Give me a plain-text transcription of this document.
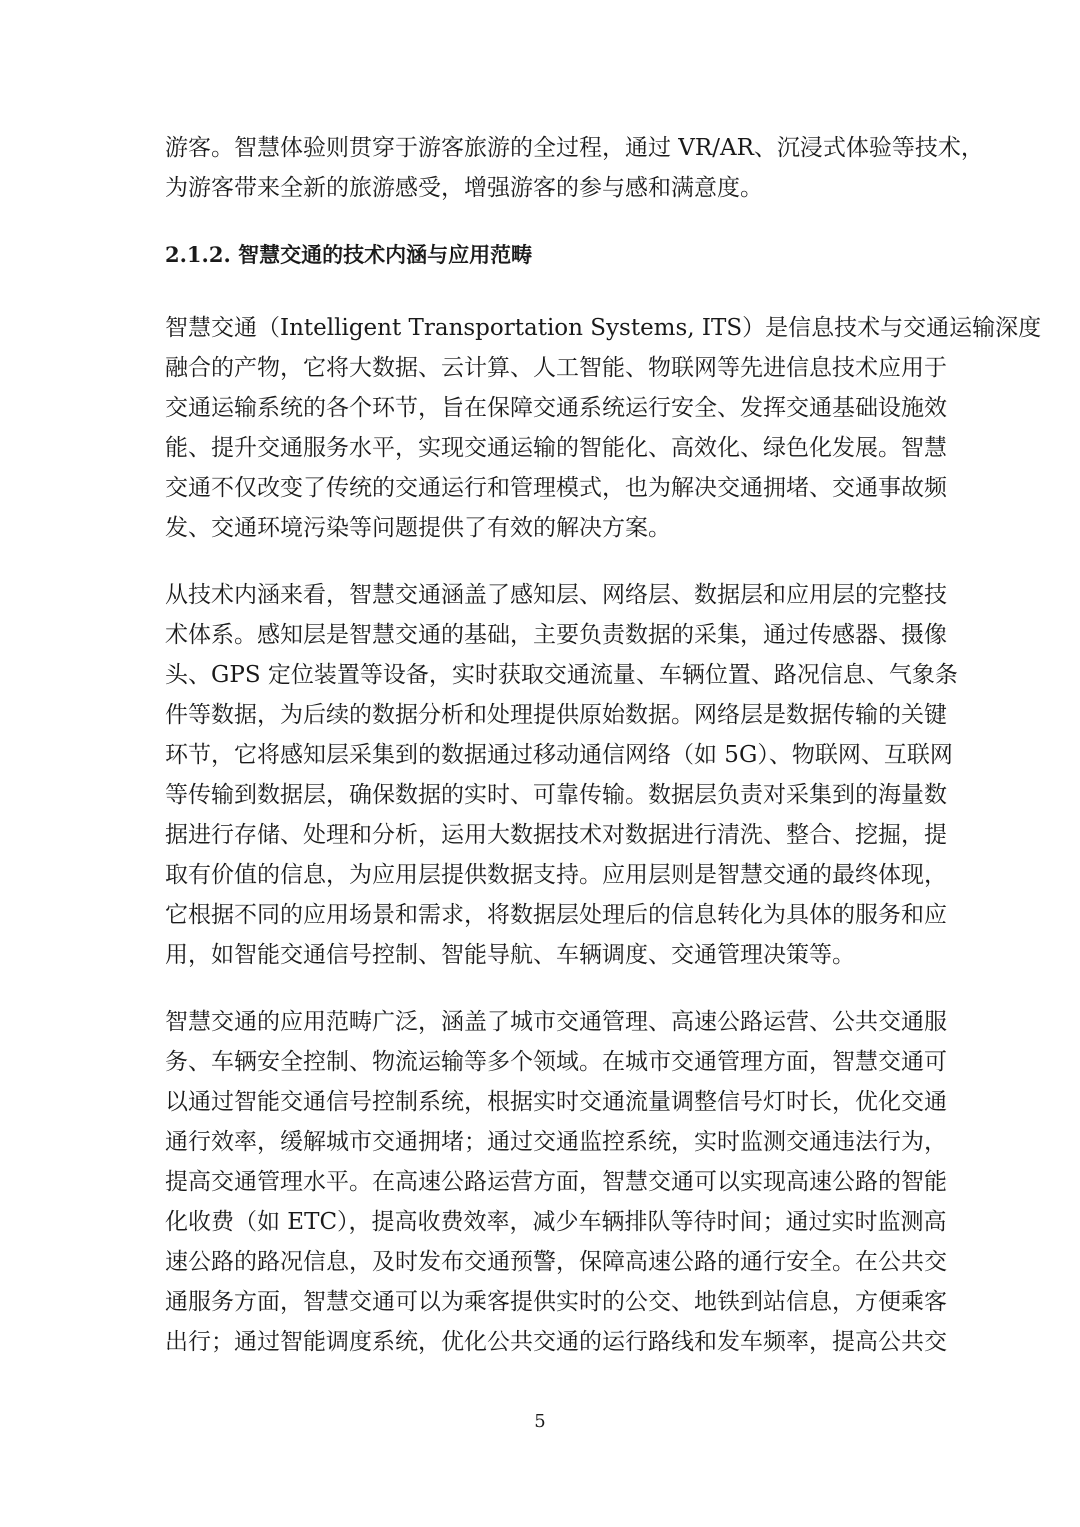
游客。智慧体验则贯穿于游客旅游的全过程，通过 VR/AR、沉浸式体验等技术，
为游客带来全新的旅游感受，增强游客的参与感和满意度。
2.1.2. 智慧交通的技术内涵与应用范畴
智慧交通（Intelligent Transportation Systems, ITS）是信息技术与交通运输深度
融合的产物，它将大数据、云计算、人工智能、物联网等先进信息技术应用于
交通运输系统的各个环节，旨在保障交通系统运行安全、发挥交通基础设施效
能、提升交通服务水平，实现交通运输的智能化、高效化、绿色化发展。智慧
交通不仅改变了传统的交通运行和管理模式，也为解决交通拥堵、交通事故频
发、交通环境污染等问题提供了有效的解决方案。
从技术内涵来看，智慧交通涵盖了感知层、网络层、数据层和应用层的完整技
术体系。感知层是智慧交通的基础，主要负责数据的采集，通过传感器、摄像
头、GPS 定位装置等设备，实时获取交通流量、车辆位置、路况信息、气象条
件等数据，为后续的数据分析和处理提供原始数据。网络层是数据传输的关键
环节，它将感知层采集到的数据通过移动通信网络（如 5G）、物联网、互联网
等传输到数据层，确保数据的实时、可靠传输。数据层负责对采集到的海量数
据进行存储、处理和分析，运用大数据技术对数据进行清洗、整合、挖掘，提
取有价值的信息，为应用层提供数据支持。应用层则是智慧交通的最终体现，
它根据不同的应用场景和需求，将数据层处理后的信息转化为具体的服务和应
用，如智能交通信号控制、智能导航、车辆调度、交通管理决策等。
智慧交通的应用范畴广泛，涵盖了城市交通管理、高速公路运营、公共交通服
务、车辆安全控制、物流运输等多个领域。在城市交通管理方面，智慧交通可
以通过智能交通信号控制系统，根据实时交通流量调整信号灯时长，优化交通
通行效率，缓解城市交通拥堵；通过交通监控系统，实时监测交通违法行为，
提高交通管理水平。在高速公路运营方面，智慧交通可以实现高速公路的智能
化收费（如 ETC），提高收费效率，减少车辆排队等待时间；通过实时监测高
速公路的路况信息，及时发布交通预警，保障高速公路的通行安全。在公共交
通服务方面，智慧交通可以为乘客提供实时的公交、地铁到站信息，方便乘客
出行；通过智能调度系统，优化公共交通的运行路线和发车频率，提高公共交
5
